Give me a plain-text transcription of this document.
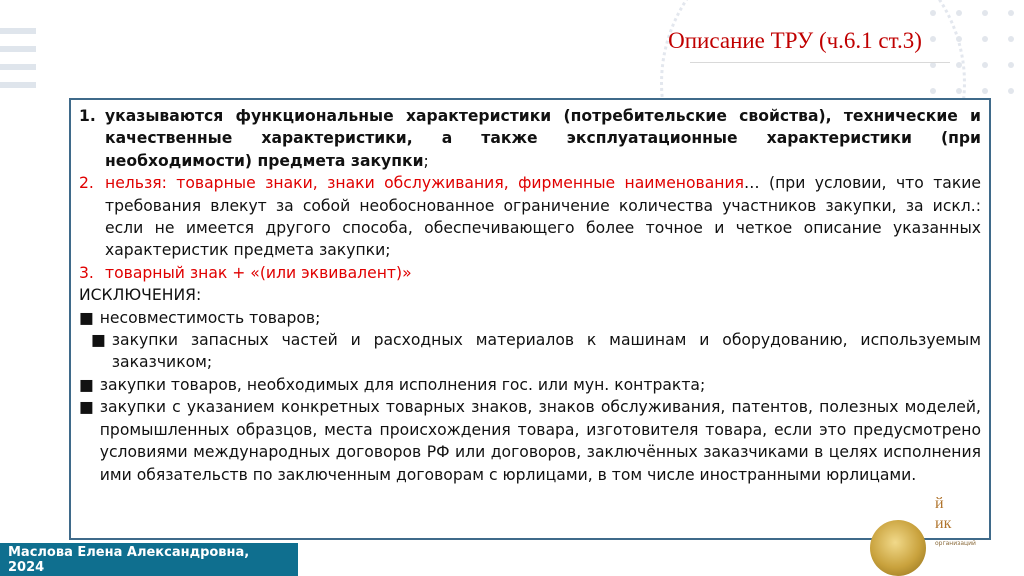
Описание ТРУ (ч.6.1 ст.3)
1. указываются функциональные характеристики (потребительские свойства), технические и качественные характеристики, а также эксплуатационные характеристики (при необходимости) предмета закупки;
2. нельзя: товарные знаки, знаки обслуживания, фирменные наименования… (при условии, что такие требования влекут за собой необоснованное ограничение количества участников закупки, за искл.: если не имеется другого способа, обеспечивающего более точное и четкое описание указанных характеристик предмета закупки;
3. товарный знак + «(или эквивалент)»
ИСКЛЮЧЕНИЯ:
■ несовместимость товаров;
■ закупки запасных частей и расходных материалов к машинам и оборудованию, используемым заказчиком;
■ закупки товаров, необходимых для исполнения гос. или мун. контракта;
■ закупки с указанием конкретных товарных знаков, знаков обслуживания, патентов, полезных моделей, промышленных образцов, места происхождения товара, изготовителя товара, если это предусмотрено условиями международных договоров РФ или договоров, заключённых заказчиками в целях исполнения ими обязательств по заключенным договорам с юрлицами, в том числе иностранными юрлицами.
й
ик
организаций
Маслова Елена Александровна,
2024
